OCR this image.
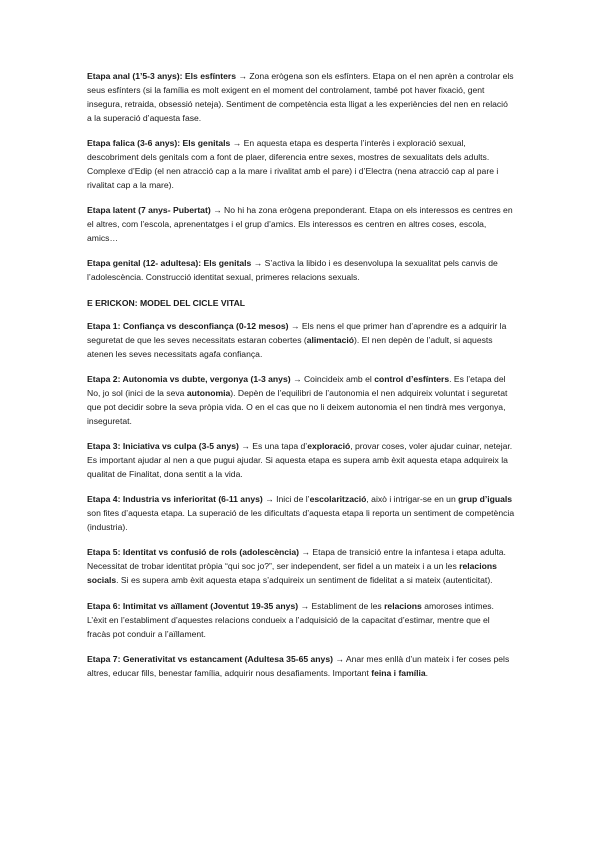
Etapa anal (1’5-3 anys): Els esfínters → Zona erògena son els esfínters. Etapa on el nen aprèn a controlar els seus esfínters (si la família es molt exigent en el moment del controlament, també pot haver fixació, gent insegura, retraida, obsessió neteja). Sentiment de competència esta lligat a les experiències del nen en relació a la superació d’aquesta fase.

Etapa falica (3-6 anys): Els genitals → En aquesta etapa es desperta l’interès i exploració sexual, descobriment dels genitals com a font de plaer, diferencia entre sexes, mostres de sexualitats dels adults. Complexe d’Edip (el nen atracció cap a la mare i rivalitat amb el pare) i d’Electra (nena atracció cap al pare i rivalitat cap a la mare).

Etapa latent (7 anys- Pubertat) → No hi ha zona erògena preponderant. Etapa on els interessos es centres en el altres, com l’escola, aprenentatges i el grup d’amics. Els interessos es centren en altres coses, escola, amics…

Etapa genital (12- adultesa): Els genitals → S’activa la libido i es desenvolupa la sexualitat pels canvis de l’adolescència. Construcció identitat sexual, primeres relacions sexuals.

E ERICKON: MODEL DEL CICLE VITAL

Etapa 1: Confiança vs desconfiança (0-12 mesos) → Els nens el que primer han d’aprendre es a adquirir la seguretat de que les seves necessitats estaran cobertes (alimentació). El nen depèn de l’adult, si aquests atenen les seves necessitats agafa confiança.

Etapa 2: Autonomia vs dubte, vergonya (1-3 anys) → Coincideix amb el control d’esfínters. Es l’etapa del No, jo sol (inici de la seva autonomia). Depèn de l’equilibri de l’autonomia el nen adquireix voluntat i seguretat que pot decidir sobre la seva pròpia vida. O en el cas que no li deixem autonomia el nen tindrà mes vergonya, inseguretat.

Etapa 3: Iniciativa vs culpa (3-5 anys) → Es una tapa d’exploració, provar coses, voler ajudar cuinar, netejar. Es important ajudar al nen a que pugui ajudar. Si aquesta etapa es supera amb èxit aquesta etapa adquireix la qualitat de Finalitat, dona sentit a la vida.

Etapa 4: Industria vs inferioritat (6-11 anys) → Inici de l’escolarització, això i intrigar-se en un grup d’iguals son fites d’aquesta etapa. La superació de les dificultats d’aquesta etapa li reporta un sentiment de competència (industria).

Etapa 5: Identitat vs confusió de rols (adolescència) → Etapa de transició entre la infantesa i etapa adulta. Necessitat de trobar identitat pròpia “qui soc jo?”, ser independent, ser fidel a un mateix i a un les relacions socials. Si es supera amb èxit aquesta etapa s’adquireix un sentiment de fidelitat a si mateix (autenticitat).

Etapa 6: Intimitat vs aïllament (Joventut 19-35 anys) → Establiment de les relacions amoroses intimes. L’èxit en l’establiment d’aquestes relacions condueix a l’adquisició de la capacitat d’estimar, mentre que el fracàs pot conduir a l’aïllament.

Etapa 7: Generativitat vs estancament (Adultesa 35-65 anys) → Anar mes enllà d’un mateix i fer coses pels altres, educar fills, benestar família, adquirir nous desafiaments. Important feina i família.
